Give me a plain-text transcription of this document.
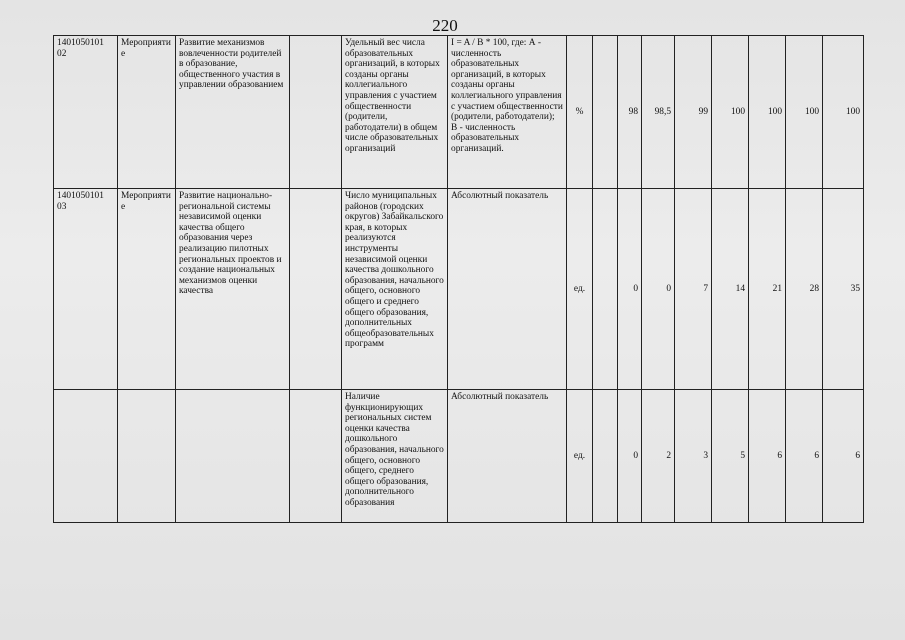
220
1401050101 02	Мероприятие	Развитие механизмов вовлеченности родителей в образование, общественного участия в управлении образованием		Удельный вес числа образовательных организаций, в которых созданы органы коллегиального управления с участием общественности (родители, работодатели) в общем числе образовательных организаций	I = A / B * 100, где: А - численность образовательных организаций, в которых созданы органы коллегиального управления с участием общественности (родители, работодатели); В - численность образовательных организаций.	%		98	98,5	99	100	100	100	100
1401050101 03	Мероприятие	Развитие национально-региональной системы независимой оценки качества общего образования через реализацию пилотных региональных проектов и создание национальных механизмов оценки качества		Число муниципальных районов (городских округов) Забайкальского края, в которых реализуются инструменты независимой оценки качества дошкольного образования, начального общего, основного общего и среднего общего образования, дополнительных общеобразовательных программ	Абсолютный показатель	ед.		0	0	7	14	21	28	35
				Наличие функционирующих региональных систем оценки качества дошкольного образования, начального общего, основного общего, среднего общего образования, дополнительного образования	Абсолютный показатель	ед.		0	2	3	5	6	6	6
